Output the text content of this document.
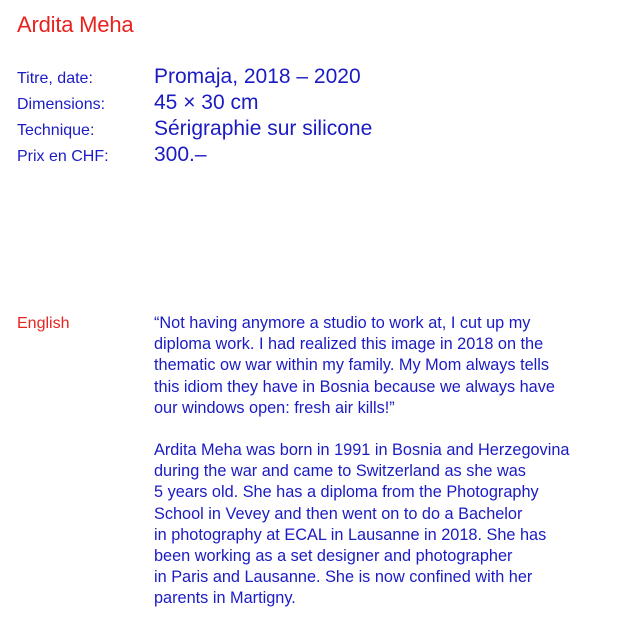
Ardita Meha
Titre, date:	Promaja, 2018 – 2020
Dimensions: 45 × 30 cm
Technique:	Sérigraphie sur silicone
Prix en CHF: 300.–
English	“Not having anymore a studio to work at, I cut up my
diploma work. I had realized this image in 2018 on the
thematic ow war within my family. My Mom always tells
this idiom they have in Bosnia because we always have
our windows open: fresh air kills!”
Ardita Meha was born in 1991 in Bosnia and Herzegovina
during the war and came to Switzerland as she was
5 years old. She has a diploma from the Photography
School in Vevey and then went on to do a Bachelor
in photography at ECAL in Lausanne in 2018. She has
been working as a set designer and photographer
in Paris and Lausanne. She is now confined with her
parents in Martigny.
